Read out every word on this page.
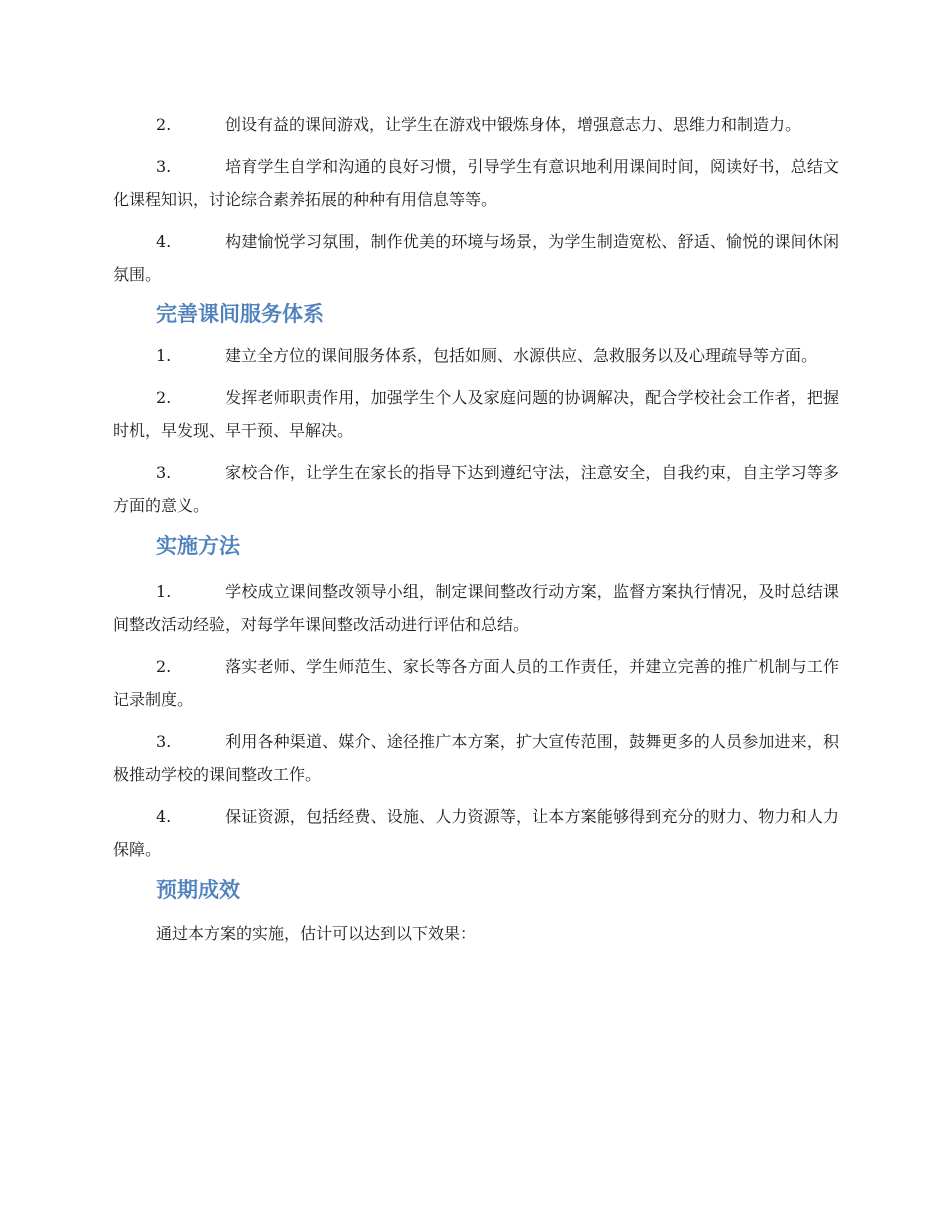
2.	创设有益的课间游戏，让学生在游戏中锻炼身体，增强意志力、思维力和制造力。

3.	培育学生自学和沟通的良好习惯，引导学生有意识地利用课间时间，阅读好书，总结文化课程知识，讨论综合素养拓展的种种有用信息等等。

4.	构建愉悦学习氛围，制作优美的环境与场景，为学生制造宽松、舒适、愉悦的课间休闲氛围。

完善课间服务体系

1.	建立全方位的课间服务体系，包括如厕、水源供应、急救服务以及心理疏导等方面。

2.	发挥老师职责作用，加强学生个人及家庭问题的协调解决，配合学校社会工作者，把握时机，早发现、早干预、早解决。

3.	家校合作，让学生在家长的指导下达到遵纪守法，注意安全，自我约束，自主学习等多方面的意义。

实施方法

1.	学校成立课间整改领导小组，制定课间整改行动方案，监督方案执行情况，及时总结课间整改活动经验，对每学年课间整改活动进行评估和总结。

2.	落实老师、学生师范生、家长等各方面人员的工作责任，并建立完善的推广机制与工作记录制度。

3.	利用各种渠道、媒介、途径推广本方案，扩大宣传范围，鼓舞更多的人员参加进来，积极推动学校的课间整改工作。

4.	保证资源，包括经费、设施、人力资源等，让本方案能够得到充分的财力、物力和人力保障。

预期成效

通过本方案的实施，估计可以达到以下效果：
